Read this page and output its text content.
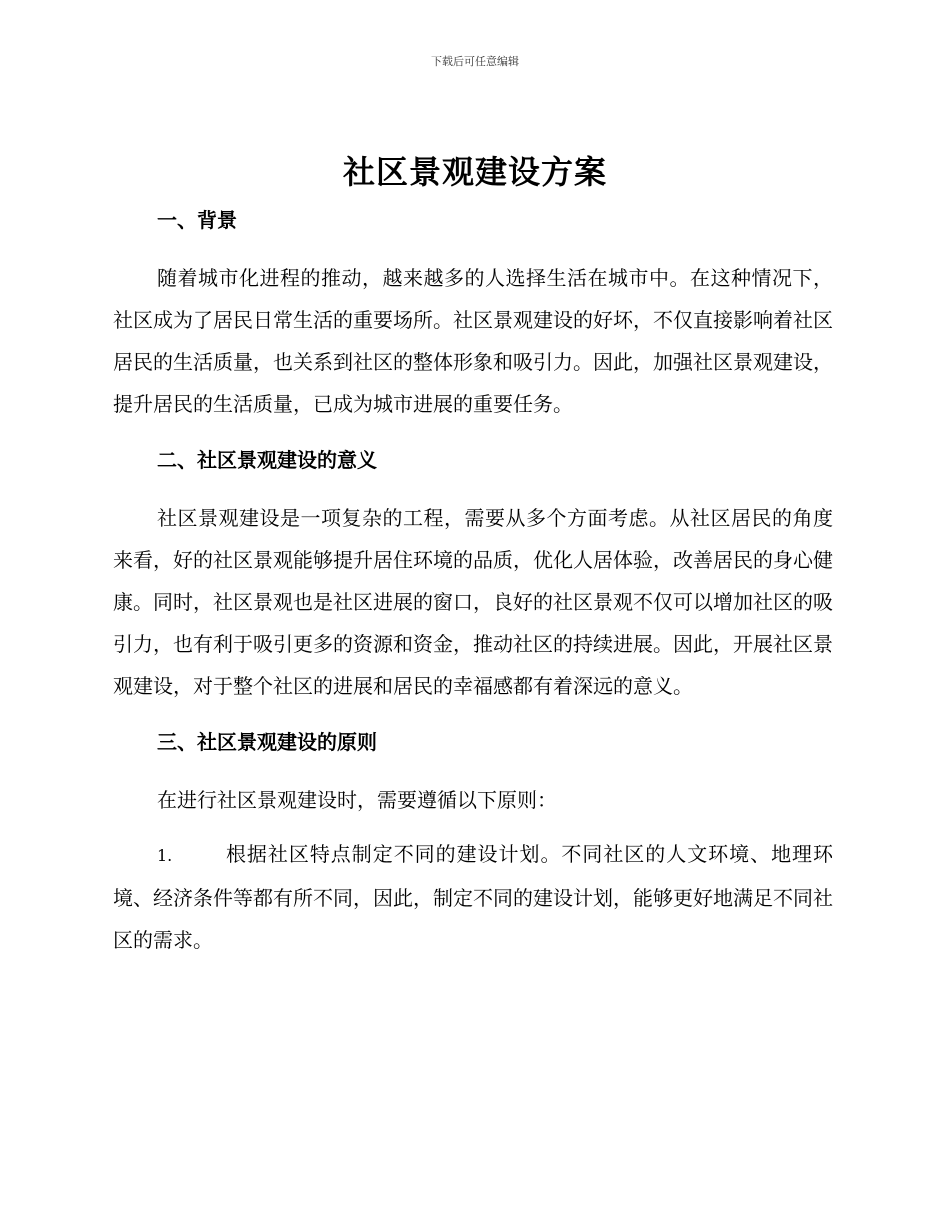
下载后可任意编辑
社区景观建设方案
一、背景

随着城市化进程的推动，越来越多的人选择生活在城市中。在这种情况下，社区成为了居民日常生活的重要场所。社区景观建设的好坏，不仅直接影响着社区居民的生活质量，也关系到社区的整体形象和吸引力。因此，加强社区景观建设，提升居民的生活质量，已成为城市进展的重要任务。

二、社区景观建设的意义

社区景观建设是一项复杂的工程，需要从多个方面考虑。从社区居民的角度来看，好的社区景观能够提升居住环境的品质，优化人居体验，改善居民的身心健康。同时，社区景观也是社区进展的窗口，良好的社区景观不仅可以增加社区的吸引力，也有利于吸引更多的资源和资金，推动社区的持续进展。因此，开展社区景观建设，对于整个社区的进展和居民的幸福感都有着深远的意义。

三、社区景观建设的原则

在进行社区景观建设时，需要遵循以下原则：

1.	根据社区特点制定不同的建设计划。不同社区的人文环境、地理环境、经济条件等都有所不同，因此，制定不同的建设计划，能够更好地满足不同社区的需求。
